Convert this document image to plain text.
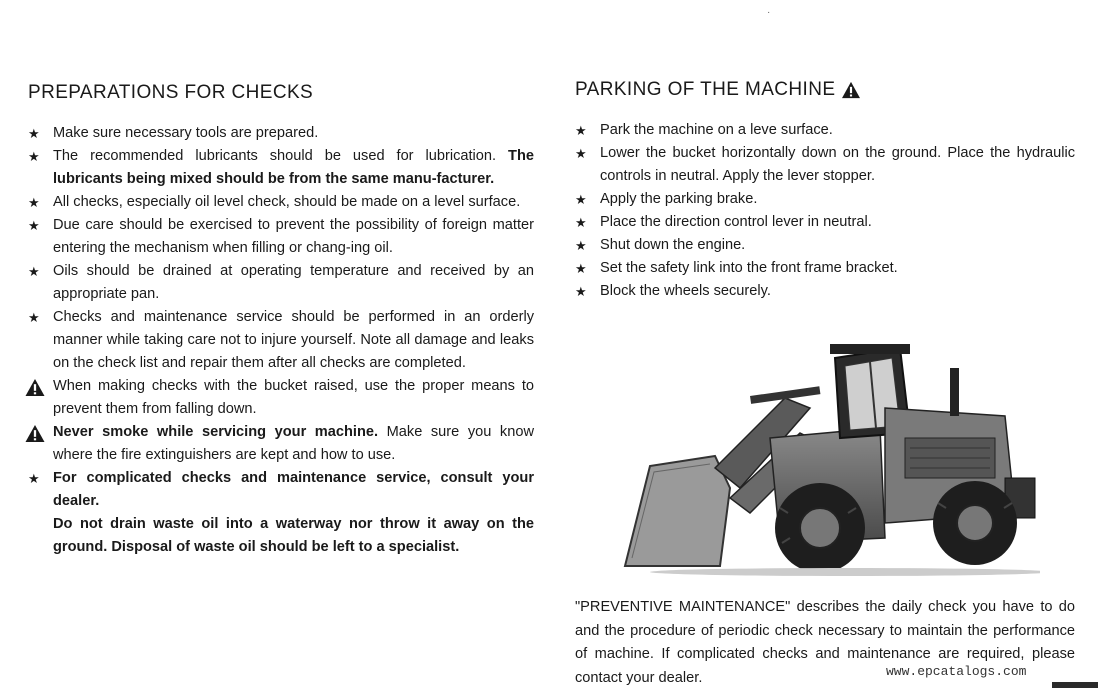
·
PREPARATIONS FOR CHECKS
★ Make sure necessary tools are prepared.
★ The recommended lubricants should be used for lubrication. The lubricants being mixed should be from the same manu-facturer.
★ All checks, especially oil level check, should be made on a level surface.
★ Due care should be exercised to prevent the possibility of foreign matter entering the mechanism when filling or chang-ing oil.
★ Oils should be drained at operating temperature and received by an appropriate pan.
★ Checks and maintenance service should be performed in an orderly manner while taking care not to injure yourself. Note all damage and leaks on the check list and repair them after all checks are completed.
When making checks with the bucket raised, use the proper means to prevent them from falling down.
Never smoke while servicing your machine. Make sure you know where the fire extinguishers are kept and how to use.
★ For complicated checks and maintenance service, consult your dealer.
Do not drain waste oil into a waterway nor throw it away on the ground. Disposal of waste oil should be left to a specialist.
PARKING OF THE MACHINE
★ Park the machine on a leve surface.
★ Lower the bucket horizontally down on the ground. Place the hydraulic controls in neutral. Apply the lever stopper.
★ Apply the parking brake.
★ Place the direction control lever in neutral.
★ Shut down the engine.
★ Set the safety link into the front frame bracket.
★ Block the wheels securely.

"PREVENTIVE MAINTENANCE" describes the daily check you have to do and the procedure of periodic check necessary to maintain the performance of machine. If complicated checks and maintenance are required, please contact your dealer.	www.epcatalogs.com
